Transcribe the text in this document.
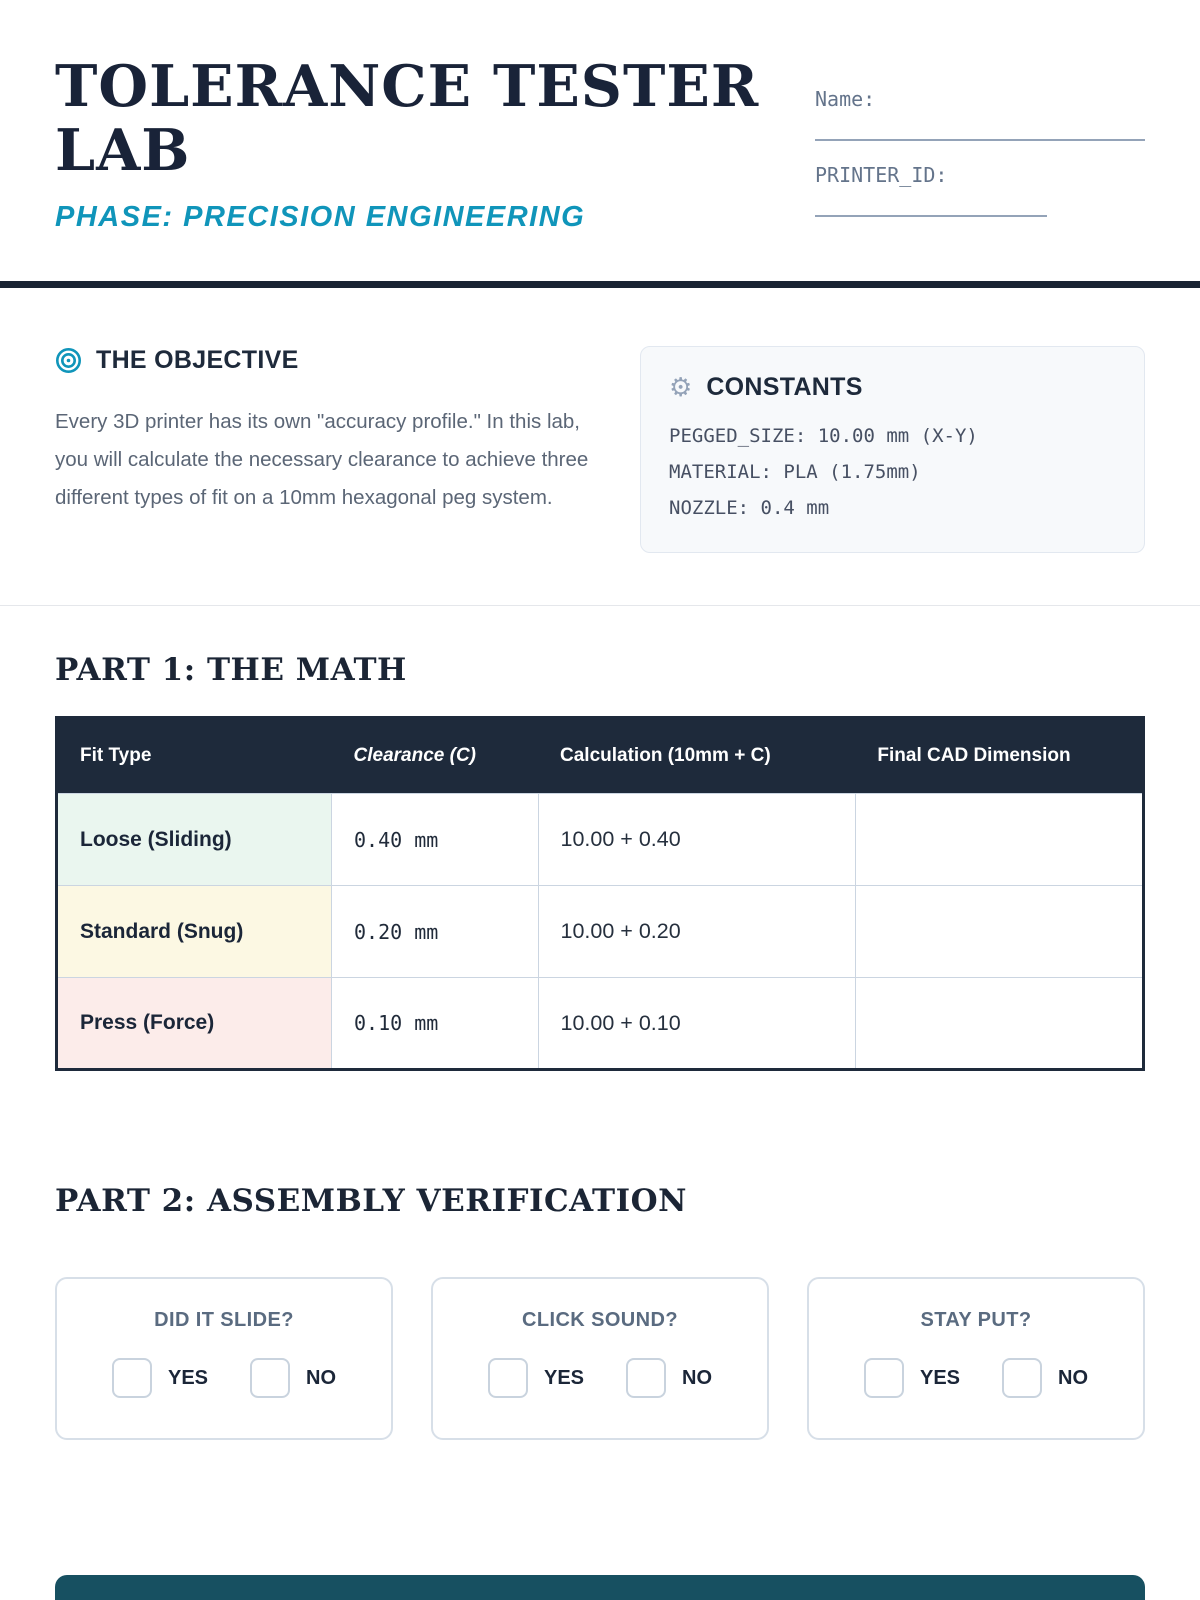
TOLERANCE TESTER
LAB
PHASE: PRECISION ENGINEERING
Name:
PRINTER_ID:
THE OBJECTIVE
Every 3D printer has its own "accuracy profile." In this lab, you will calculate the necessary clearance to achieve three different types of fit on a 10mm hexagonal peg system.
⚙ CONSTANTS
PEGGED_SIZE: 10.00 mm (X-Y)
MATERIAL: PLA (1.75mm)
NOZZLE: 0.4 mm
PART 1: THE MATH
Fit Type	Clearance (C)	Calculation (10mm + C)	Final CAD Dimension
Loose (Sliding)	0.40 mm	10.00 + 0.40	
Standard (Snug)	0.20 mm	10.00 + 0.20	
Press (Force)	0.10 mm	10.00 + 0.10	
PART 2: ASSEMBLY VERIFICATION
DID IT SLIDE?
YES	NO
CLICK SOUND?
YES	NO
STAY PUT?
YES	NO
